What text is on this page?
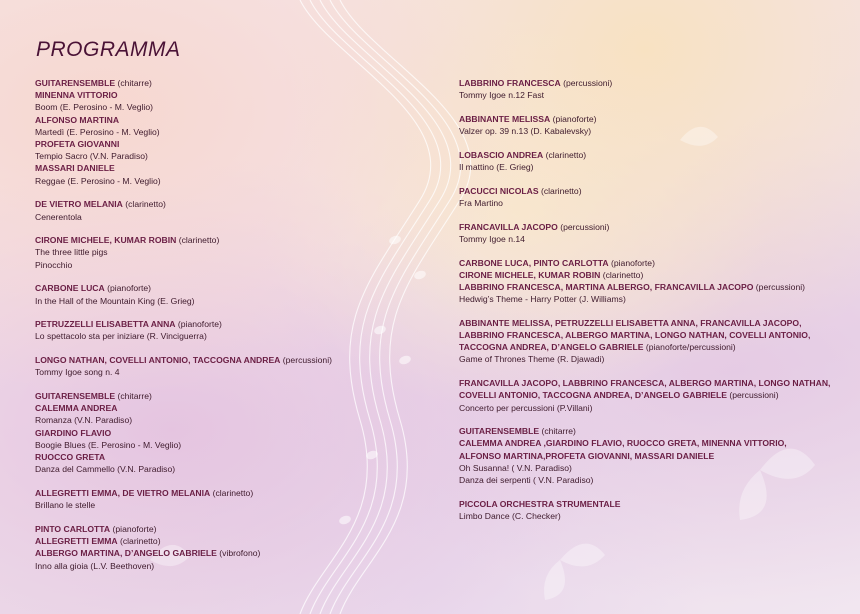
PROGRAMMA
GUITARENSEMBLE (chitarre)
MINENNA VITTORIO
Boom (E. Perosino - M. Veglio)
ALFONSO MARTINA
Martedì (E. Perosino - M. Veglio)
PROFETA GIOVANNI
Tempio Sacro (V.N. Paradiso)
MASSARI DANIELE
Reggae (E. Perosino - M. Veglio)
DE VIETRO MELANIA (clarinetto)
Cenerentola
CIRONE MICHELE, KUMAR ROBIN (clarinetto)
The three little pigs
Pinocchio
CARBONE LUCA (pianoforte)
In the Hall of the Mountain King (E. Grieg)
PETRUZZELLI ELISABETTA ANNA (pianoforte)
Lo spettacolo sta per iniziare (R. Vinciguerra)
LONGO NATHAN, COVELLI ANTONIO, TACCOGNA ANDREA (percussioni)
Tommy Igoe song n. 4
GUITARENSEMBLE (chitarre)
CALEMMA ANDREA
Romanza (V.N. Paradiso)
GIARDINO FLAVIO
Boogie Blues (E. Perosino - M. Veglio)
RUOCCO GRETA
Danza del Cammello (V.N. Paradiso)
ALLEGRETTI EMMA, DE VIETRO MELANIA (clarinetto)
Brillano le stelle
PINTO CARLOTTA (pianoforte)
ALLEGRETTI EMMA (clarinetto)
ALBERGO MARTINA, D’ANGELO GABRIELE (vibrofono)
Inno alla gioia (L.V. Beethoven)
LABBRINO FRANCESCA (percussioni)
Tommy Igoe n.12 Fast
ABBINANTE MELISSA (pianoforte)
Valzer op. 39 n.13 (D. Kabalevsky)
LOBASCIO ANDREA (clarinetto)
Il mattino (E. Grieg)
PACUCCI NICOLAS (clarinetto)
Fra Martino
FRANCAVILLA JACOPO (percussioni)
Tommy Igoe n.14
CARBONE LUCA, PINTO CARLOTTA (pianoforte)
CIRONE MICHELE, KUMAR ROBIN (clarinetto)
LABBRINO FRANCESCA, MARTINA ALBERGO, FRANCAVILLA JACOPO (percussioni)
Hedwig’s Theme - Harry Potter (J. Williams)
ABBINANTE MELISSA, PETRUZZELLI ELISABETTA ANNA, FRANCAVILLA JACOPO,
LABBRINO FRANCESCA, ALBERGO MARTINA, LONGO NATHAN, COVELLI ANTONIO,
TACCOGNA ANDREA, D’ANGELO GABRIELE (pianoforte/percussioni)
Game of Thrones Theme (R. Djawadi)
FRANCAVILLA JACOPO, LABBRINO FRANCESCA, ALBERGO MARTINA, LONGO NATHAN,
COVELLI ANTONIO, TACCOGNA ANDREA, D’ANGELO GABRIELE (percussioni)
Concerto per percussioni (P.Villani)
GUITARENSEMBLE (chitarre)
CALEMMA ANDREA ,GIARDINO FLAVIO, RUOCCO GRETA, MINENNA VITTORIO,
ALFONSO MARTINA,PROFETA GIOVANNI, MASSARI DANIELE
Oh Susanna! ( V.N. Paradiso)
Danza dei serpenti ( V.N. Paradiso)
PICCOLA ORCHESTRA STRUMENTALE
Limbo Dance (C. Checker)
